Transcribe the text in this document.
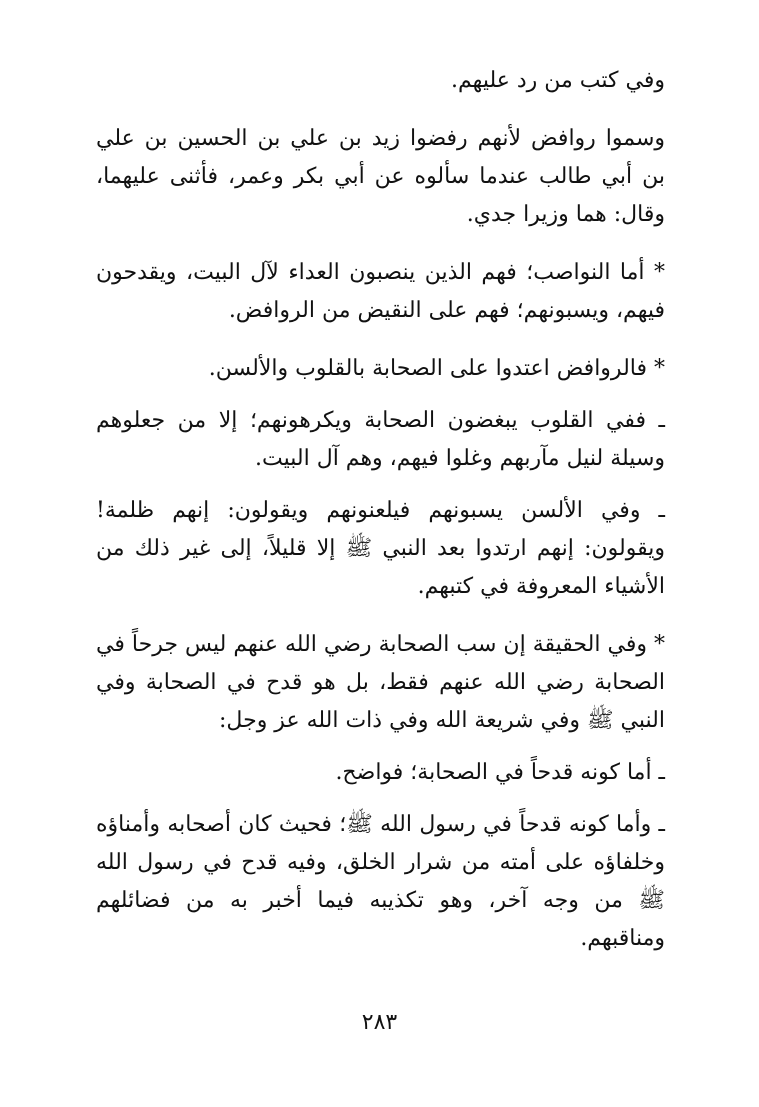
وفي كتب من رد عليهم.

وسموا روافض لأنهم رفضوا زيد بن علي بن الحسين بن علي بن أبي طالب عندما سألوه عن أبي بكر وعمر، فأثنى عليهما، وقال: هما وزيرا جدي.

* أما النواصب؛ فهم الذين ينصبون العداء لآل البيت، ويقدحون فيهم، ويسبونهم؛ فهم على النقيض من الروافض.

* فالروافض اعتدوا على الصحابة بالقلوب والألسن.

ـ ففي القلوب يبغضون الصحابة ويكرهونهم؛ إلا من جعلوهم وسيلة لنيل مآربهم وغلوا فيهم، وهم آل البيت.

ـ وفي الألسن يسبونهم فيلعنونهم ويقولون: إنهم ظلمة! ويقولون: إنهم ارتدوا بعد النبي ﷺ إلا قليلاً، إلى غير ذلك من الأشياء المعروفة في كتبهم.

* وفي الحقيقة إن سب الصحابة رضي الله عنهم ليس جرحاً في الصحابة رضي الله عنهم فقط، بل هو قدح في الصحابة وفي النبي ﷺ وفي شريعة الله وفي ذات الله عز وجل:

ـ أما كونه قدحاً في الصحابة؛ فواضح.

ـ وأما كونه قدحاً في رسول الله ﷺ؛ فحيث كان أصحابه وأمناؤه وخلفاؤه على أمته من شرار الخلق، وفيه قدح في رسول الله ﷺ من وجه آخر، وهو تكذيبه فيما أخبر به من فضائلهم ومناقبهم.

٢٨٣
